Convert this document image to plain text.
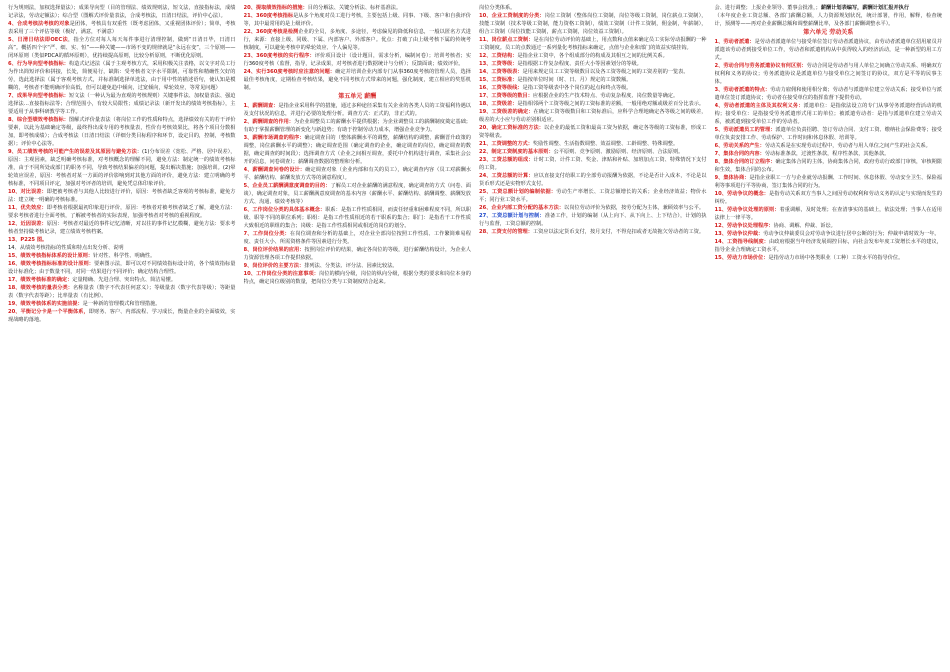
行为规则法，加权选择量法）；成果导向型（目的管理法、绩效规则法，短文法，直接指标法，成绩记录法，劳动定额法）；综合型（图解式评价量表法，合成考核法，日清日结法，评价中心法）。

4、合成考核法考核的对象是团体，考核具有双重性（既考虑团体，又重视团体评价）；简单，考核表采用了三个评估等级（极好，满意，不满意）

5、日清日结法即OEC法，指全方位对每人每天每件事进行清理控制，做到“日清日毕，日清日高”。概括四个字“严、细、实、恒”——种关键——市场不变的规律就是“永远在变”，三个原则——闭环原则（类似PDCA的循环原则），优持续提高原则，比较分析原则，不断优化原则。

6、行为导向型考核指标：构造式记述法（属于主观考核方式，采用积极关注表格，以文字对员工行为作出简短评价和拼接，长处，简便易行，缺陷：受考核者文字水平限制，可靠性和精确性欠好的劳，选此选择法（属于客观考核方式，并标准制选择单选法，由于用中性的描述语句，使认知是模糊的，考核者不能明确评价高低，但可以避免趋中倾向，过宽倾向，晕轮效应，等常见问题）

7、成果导向型考核指标：短文法（一种认为最为直观的考核规则）关键事件法、加权量表法、强迫选择法…直接指标法等；合理范围小，有较大局限性；成绩记录法（新开发出的绩效考核指标），主要适用于从事科研教学等工作。

8、综合型绩效考核指标：图解式评价量表法（将岗位工作的性质和特点，选择绩效有关的若干评价要素，以此为基础确定等级，最终得出成专用的考核量表，性价有考核效果比，将各个项目分数相加，即考核成绩）；合成考核法（日清日结法（详细分类目标程序和环节，设定目的，控制，考核数据）；评价中心法等。

9、员工绩效考核的可能产生的误差及其原因与避免方法：(1)分布误差（宽松、严格、居中误差），原因：主观因素，缺乏明确考核标准，对考核概念的理解不同，避免方法：制定统一的绩效考核标准，由于不同所处或部门的职务不同，导致考核结果偏差的问题，提出解决措施；加强培训。(2)晕轮效应误差，原因：考核者对某一方面的评价影响到对其他方面的评价，避免方法：建立明确的考核标准，不同项目评定，加强对考评者的培训，避免凭总体印象评价。

10、对比误差：即把被考核者与其他人比较进行评价，原因：考核者缺乏客观的考核标准，避免方法：建立统一明确的考核标准。

11、优先效应：即考核者根据最初印象进行评价，原因：考核者对被考核者缺乏了解，避免方法：要求考核者进行全面考核，了解被考核者的实际表现，加强考核者对考核的重视程度。

12、近因误差：原因：考核者对最近的事件记忆清晰，对以往的事件记忆模糊，避免方法：要求考核者坚持做考核记录，建立绩效考核档案。

13、P225 图。

14、从绩效考核指标的性质和特点出发分析、说明

15、绩效考核指标体系的设计原则：针对性、科学性、明确性。

16、绩效考核指标标准的设计原则：要素图示法，即可以对不同绩效指标设计的，各个绩效指标量设计标准化；由于数量不同，对同一结果进行不同评价；确定结构合理性。

17、绩效考核标准的确定：定量精确、先进合理、突出特点、简洁易懂。

18、绩效考核的量表分类：名称量表（数字不代表任何意义）；等级量表（数字代表等级）；等距量表（数字代表等距）；比率量表（有比例）。

19、绩效考核体系的实施前提：是一种新的管理模式和管理措施。

20、平衡记分卡是一个平衡体系，即财务、客户、内部流程、学习成长，衡量企业的全面绩效，实现战略的落地。

20、提取绩效指标的措施：目的分解法、关键分析法、标杆基准法。

21、360度考核指标是从多个角度对员工进行考核，主要包括上级、同事、下级、客户和自我评价等，其中最常用的是上级评价。

22、360度考核是检测企业的全员，多角度、多途径，考虑偏见的降低和信息，一般以匿名方式进行，来源：直接上级、同级、下属、内部客户、外部客户。优点：打破了由上级考核下属的传统考核制度，可以避免考核中的晕轮效应、个人偏见等。

23、360度考核的实行程序：评价项目设计（设计题目，需求分析，编制问卷）；培训考核者；实行360度考核（监督，指导，记录成果，对考核者进行数据统计与分析）；反馈面谈；绩效评价。

24、实行360度考核时应注意的问题：确定并培训企业内部专门从事360度考核的管理人员，选择最佳考核角度，定期检查考核结果，避免不同考核方式带来的问题，强化制度，建立相应的奖惩机制。

第五单元 薪酬

1、薪酬调查：是指企业采用科学的措施，通过多种途径采集有关企业的各类人员的工资福利待遇以及支付状况的信息，并进行必要的处理分析。调查方式：正式的，非正式的。

2、薪酬调查的作用：为企业调整员工的薪酬水平提供根据；为企业调整员工的薪酬制度奠定基础；有助于掌握薪酬管理的新变化与新趋势；有助于控制劳动力成本，增强企业竞争力。

3、薪酬市场调查的程序：确定调查目的（整体薪酬水平的调整，薪酬结构的调整，薪酬晋升政策的调整，岗位薪酬水平的调整）；确定调查范围（确定调查的企业，确定调查的岗位，确定调查的数据，确定调查的时间段）；选择调查方式（企业之间相互调查，委托中介机构进行调查，采集社会公开的信息，问卷调查）；薪酬调查数据的整理和分析。

4、薪酬调查问卷的设计：确定调查对象（企业内部和有关的员工），确定调查内容（员工对薪酬水平、薪酬结构、薪酬发放方式等的满意程度）。

5、企业员工薪酬满意度调查的目的：了解员工对企业薪酬的满意程度，确定调查的方式（问卷、面谈），确定调查对象，员工薪酬满意度调查的基本内容（薪酬水平、薪酬结构、薪酬调整、薪酬发放方式、沟通、绩效考核等）

6、工作岗位分类的具体基本概念：职系：是指工作性质相同，而责任轻重和困难程度不同，所以职级、职等不同的职位系列；职组：是指工作性质相近的若干职系的集合；职门：是指若干工作性质大致相近的职组的集合；岗级：是指工作性质相同或相近的岗位的划分。

7、工作岗位分类：在岗位调查和分析的基础上，对企业全部岗位按照工作性质、工作繁简难易程度、责任大小、所需资格条件等因素进行分类。

8、岗位评价结果的应用：按照岗位评价的结果，确定各岗位的等级，进行薪酬结构设计，为企业人力资源管理各项工作提供依据。

9、岗位评价的主要方法：排列法、分类法、评分法、因素比较法。

10、工作岗位分类的注意事项：岗位的横向分级，岗位的纵向分级，根据分类的要求和岗位本身的特点，确定岗位级别的数量，把岗位分类与工资制度结合起来。

岗位分类体系。

10、企业工资制度的分类：岗位工资制（整体岗位工资制，岗位等级工资制，岗位薪点工资制），技能工资制（技术等级工资制，能力资格工资制），绩效工资制（计件工资制，佣金制，年薪制），组合工资制（岗位技能工资制，薪点工资制，岗位效益工资制）。

11、岗位薪点工资制：是在岗位劳动评价的基础上，用点数和点值来确定员工实际劳动报酬的一种工资制度。员工的点数通过一系列量化考核指标来确定，点值与企业和部门的效益实绩挂钩。

12、工资结构：是指企业工资中，各个组成部分的构成及其相互之间的比例关系。

13、工资等级：是指根据工作复杂程度、责任大小等因素划分的等级。

14、工资等级表：是用来规定员工工资等级数目以及各工资等级之间的工资差别的一览表。

15、工资标准：是指按单位时间（时、日、月）规定的工资数额。

16、工资等级线：是指工资等级表中各个岗位的起点和终点等级。

17、工资等级的数目：应根据企业的生产技术特点、劳动复杂程度、岗位数量等确定。

18、工资级差：是指相邻两个工资等级之间的工资标准的差额，一般用绝对额或级差百分比表示。

19、工资级差的确定：在确定工资等级数目和工资标准后，应科学合理地确定各等级之间的级差，级差的大小应与劳动差别相适应。

20、确定工资标准的方法：以企业的最低工资和最高工资为依据，确定各等级的工资标准，形成工资等级表。

21、工资调整的方式：奖励性调整、生活指数调整、效益调整、工龄调整、特殊调整。

22、制定工资制度的基本原则：公平原则、竞争原则、激励原则、经济原则、合法原则。

23、工资总额的组成：计时工资、计件工资、奖金、津贴和补贴、加班加点工资、特殊情况下支付的工资。

24、工资总额的计算：应以直接支付给职工的全部劳动报酬为依据，不论是否计入成本，不论是以货币形式还是实物形式支付。

25、工资总额计划的编制依据：劳动生产率增长、工资总额增长的关系；企业经济效益；物价水平；同行业工资水平。

26、企业内部工资分配的基本方法：以岗位劳动评价为依据，按劳分配为主体，兼顾效率与公平。

27、工资总额计划与控制：准备工作，计划的编制（从上向下、从下向上、上下结合），计划的执行与监督，工资总额的控制。

28、工资支付的管理：工资应以法定货币支付，按月支付，不得克扣或者无故拖欠劳动者的工资。

会、进行调整；上报企业领导、董事会批准，；薪酬计划表编写，薪酬计划汇报并执行

（本年度企业工资总额、各部门薪酬总额，人力资源规划状况，统计部署，作用，解释，检查统计，预测等——再对企业薪酬总额和调整薪酬比率，及各部门薪酬调整水平）。

第六单元 劳动关系

1、劳动者派遣：是劳动者派遣单位与接受单位签订劳动者派遣协议，由劳动者派遣单位招用雇员并派遣该劳动者到接受单位工作，劳动者和派遣机构从中获得收入的经济活动，是一种新型的用工方式。

2、劳动合同与劳务派遣协议有何区别：劳动合同是劳动者与用人单位之间确立劳动关系、明确双方权利和义务的协议；劳务派遣协议是派遣单位与接受单位之间签订的协议，双方是平等的民事主体。

3、劳动者派遣的特点：劳动力雇佣和使用相分离；劳动者与派遣单位建立劳动关系；接受单位与派遣单位签订派遣协议；劳动者在接受单位的指挥监督下提供劳动。

4、劳动者派遣的主体及其权利义务：派遣单位：是指依法设立的专门从事劳务派遣经营活动的机构；接受单位：是指接受劳务派遣形式用工的单位；被派遣劳动者：是指与派遣单位建立劳动关系，被派遣到接受单位工作的劳动者。

5、劳动派遣员工的管理：派遣单位负责招聘、签订劳动合同、支付工资、缴纳社会保险费等；接受单位负责安排工作、劳动保护、工作时间和休息休假、培训等。

6、劳动关系的产生：劳动关系是在实现劳动过程中，劳动者与用人单位之间产生的社会关系。

7、集体合同的内容：劳动标准条款，过渡性条款，程序性条款，其他条款。

8、集体合同的订立程序：确定集体合同的主体，协商集体合同，政府劳动行政部门审核，审核期限和生效，集体合同的公布。

9、集体协商：是指企业职工一方与企业就劳动报酬、工作时间、休息休假、劳动安全卫生、保险福利等事项进行平等协商，签订集体合同的行为。

10、劳动争议的概念：是指劳动关系双方当事人之间因劳动权利和劳动义务的认定与实现而发生的纠纷。

11、劳动争议处理的原则：着重调解，及时处理；在查清事实的基础上，依法处理；当事人在适用法律上一律平等。

12、劳动争议处理程序：协商、调解、仲裁、诉讼。

13、劳动争议仲裁：劳动争议仲裁委员会对劳动争议进行居中公断的行为；仲裁申请时效为一年。

14、工资指导线制度：由政府根据当年经济发展调控目标，向社会发布年度工资增长水平的建议，指导企业合理确定工资水平。

15、劳动力市场价位：是指劳动力市场中各类职业（工种）工资水平的指导价位。
